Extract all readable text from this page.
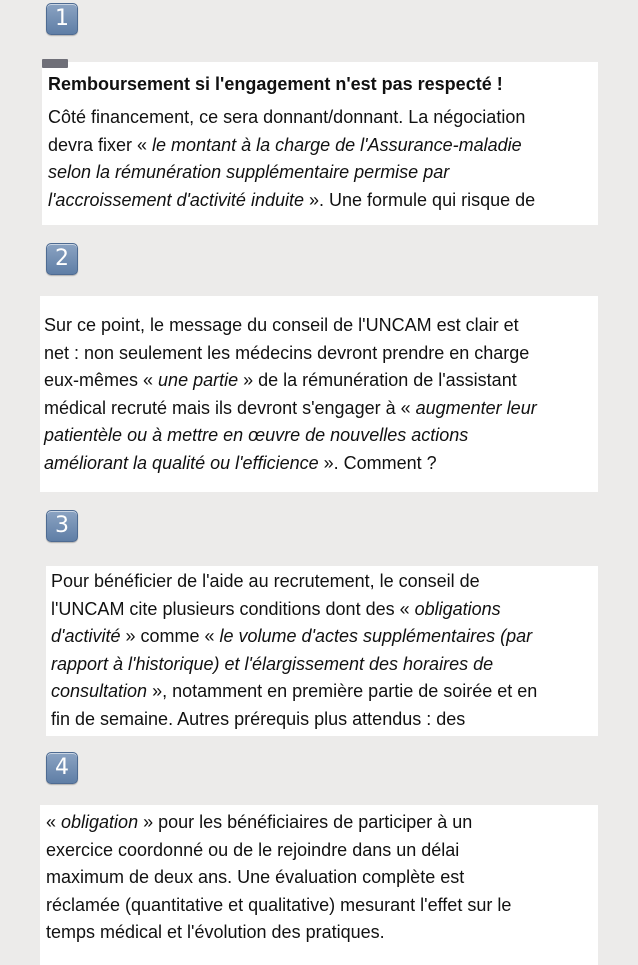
1

Remboursement si l'engagement n'est pas respecté !

Côté financement, ce sera donnant/donnant. La négociation

devra fixer « le montant à la charge de l'Assurance-maladie

selon la rémunération supplémentaire permise par

l'accroissement d'activité induite ». Une formule qui risque de

2

Sur ce point, le message du conseil de l'UNCAM est clair et

net : non seulement les médecins devront prendre en charge

eux-mêmes « une partie » de la rémunération de l'assistant

médical recruté mais ils devront s'engager à « augmenter leur

patientèle ou à mettre en œuvre de nouvelles actions

améliorant la qualité ou l'efficience ». Comment ?

3

Pour bénéficier de l'aide au recrutement, le conseil de

l'UNCAM cite plusieurs conditions dont des « obligations

d'activité » comme « le volume d'actes supplémentaires (par

rapport à l'historique) et l'élargissement des horaires de

consultation », notamment en première partie de soirée et en

fin de semaine. Autres prérequis plus attendus : des

4

« obligation » pour les bénéficiaires de participer à un

exercice coordonné ou de le rejoindre dans un délai

maximum de deux ans. Une évaluation complète est

réclamée (quantitative et qualitative) mesurant l'effet sur le

temps médical et l'évolution des pratiques.
